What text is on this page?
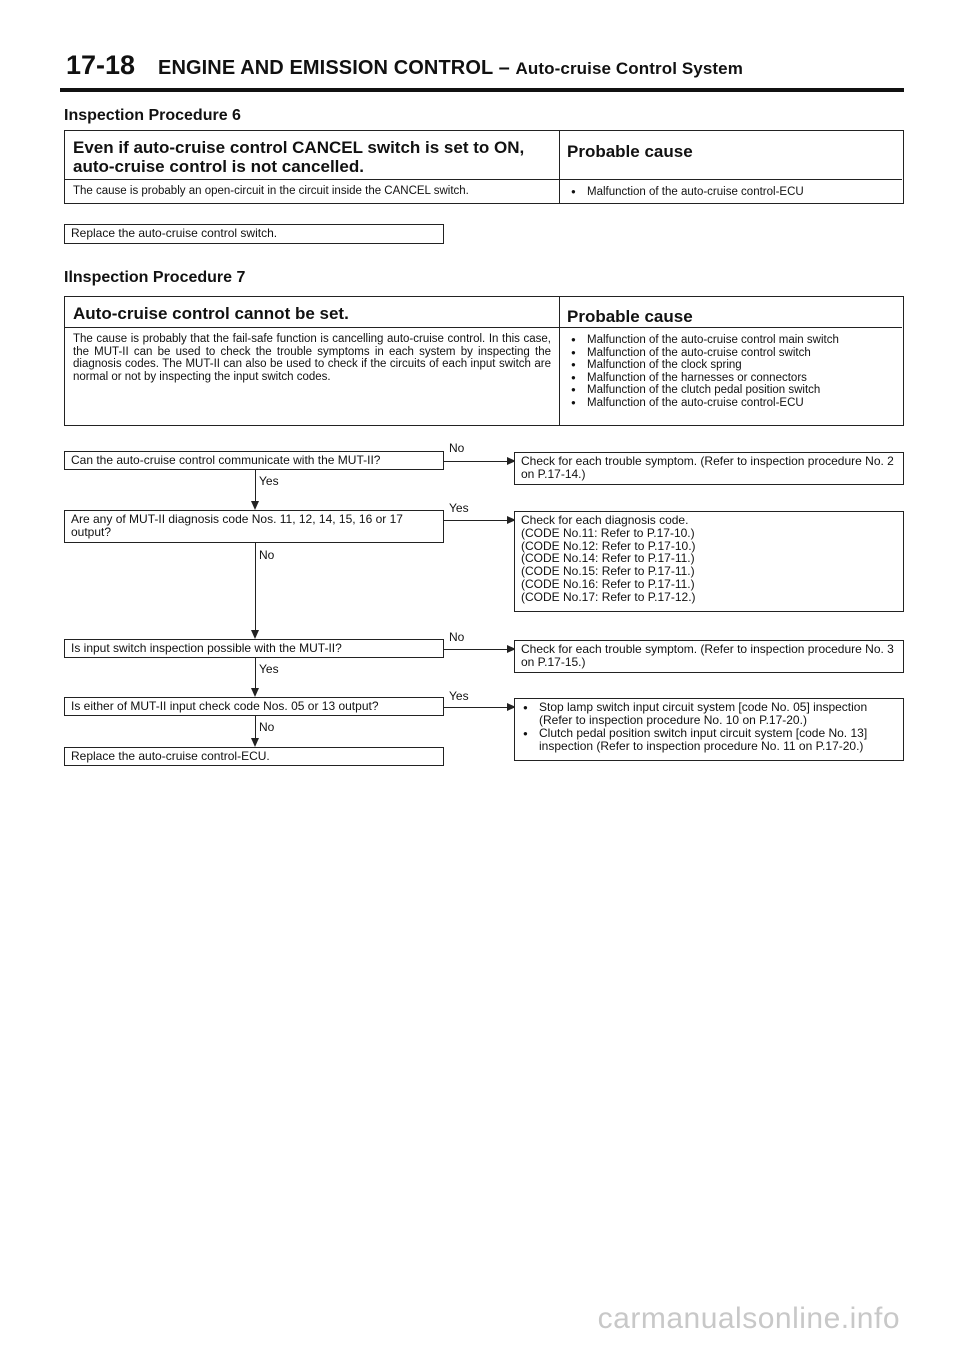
17-18 ENGINE AND EMISSION CONTROL – Auto-cruise Control System
Inspection Procedure 6
Even if auto-cruise control CANCEL switch is set to ON, auto-cruise control is not cancelled.
Probable cause
The cause is probably an open-circuit in the circuit inside the CANCEL switch.
●	Malfunction of the auto-cruise control-ECU
Replace the auto-cruise control switch.
Ilnspection Procedure 7
Auto-cruise control cannot be set.	Probable cause
The cause is probably that the fail-safe function is cancelling auto-cruise control. In this case, the MUT-II can be used to check the trouble symptoms in each system by inspecting the diagnosis codes. The MUT-II can also be used to check if the circuits of each input switch are normal or not by inspecting the input switch codes.
● Malfunction of the auto-cruise control main switch
● Malfunction of the auto-cruise control switch
● Malfunction of the clock spring
● Malfunction of the harnesses or connectors
● Malfunction of the clutch pedal position switch
● Malfunction of the auto-cruise control-ECU
Can the auto-cruise control communicate with the MUT-II?
No
Check for each trouble symptom. (Refer to inspection procedure No. 2 on P.17-14.)
Yes
Are any of MUT-II diagnosis code Nos. 11, 12, 14, 15, 16 or 17 output?
Yes
Check for each diagnosis code.
(CODE No.11: Refer to P.17-10.)
(CODE No.12: Refer to P.17-10.)
(CODE No.14: Refer to P.17-11.)
(CODE No.15: Refer to P.17-11.)
(CODE No.16: Refer to P.17-11.)
(CODE No.17: Refer to P.17-12.)
No
Is input switch inspection possible with the MUT-II?
No
Check for each trouble symptom. (Refer to inspection procedure No. 3 on P.17-15.)
Yes
Is either of MUT-II input check code Nos. 05 or 13 output?
Yes
● Stop lamp switch input circuit system [code No. 05] inspection (Refer to inspection procedure No. 10 on P.17-20.)
● Clutch pedal position switch input circuit system [code No. 13] inspection (Refer to inspection procedure No. 11 on P.17-20.)
No
Replace the auto-cruise control-ECU.
carmanualsonline.info
